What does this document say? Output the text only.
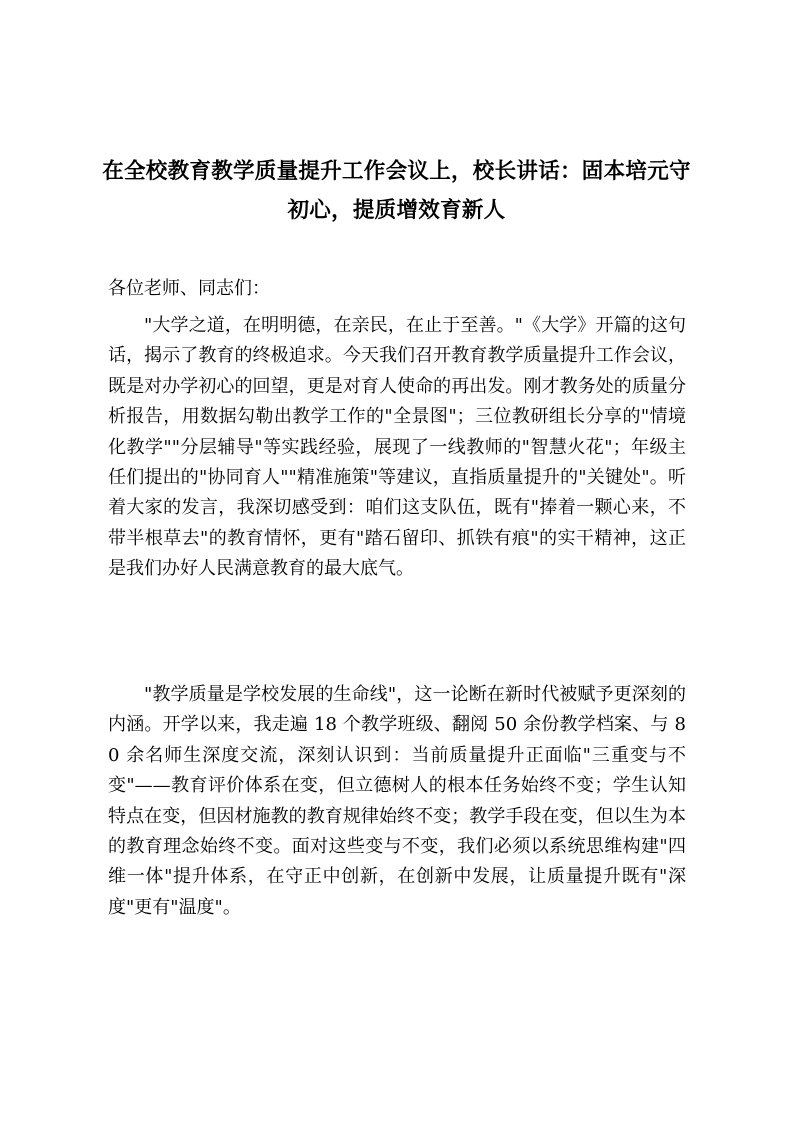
在全校教育教学质量提升工作会议上，校长讲话：固本培元守初心，提质增效育新人

各位老师、同志们：

"大学之道，在明明德，在亲民，在止于至善。"《大学》开篇的这句话，揭示了教育的终极追求。今天我们召开教育教学质量提升工作会议，既是对办学初心的回望，更是对育人使命的再出发。刚才教务处的质量分析报告，用数据勾勒出教学工作的"全景图"；三位教研组长分享的"情境化教学""分层辅导"等实践经验，展现了一线教师的"智慧火花"；年级主任们提出的"协同育人""精准施策"等建议，直指质量提升的"关键处"。听着大家的发言，我深切感受到：咱们这支队伍，既有"捧着一颗心来，不带半根草去"的教育情怀，更有"踏石留印、抓铁有痕"的实干精神，这正是我们办好人民满意教育的最大底气。

"教学质量是学校发展的生命线"，这一论断在新时代被赋予更深刻的内涵。开学以来，我走遍 18 个教学班级、翻阅 50 余份教学档案、与 80 余名师生深度交流，深刻认识到：当前质量提升正面临"三重变与不变"——教育评价体系在变，但立德树人的根本任务始终不变；学生认知特点在变，但因材施教的教育规律始终不变；教学手段在变，但以生为本的教育理念始终不变。面对这些变与不变，我们必须以系统思维构建"四维一体"提升体系，在守正中创新，在创新中发展，让质量提升既有"深度"更有"温度"。
